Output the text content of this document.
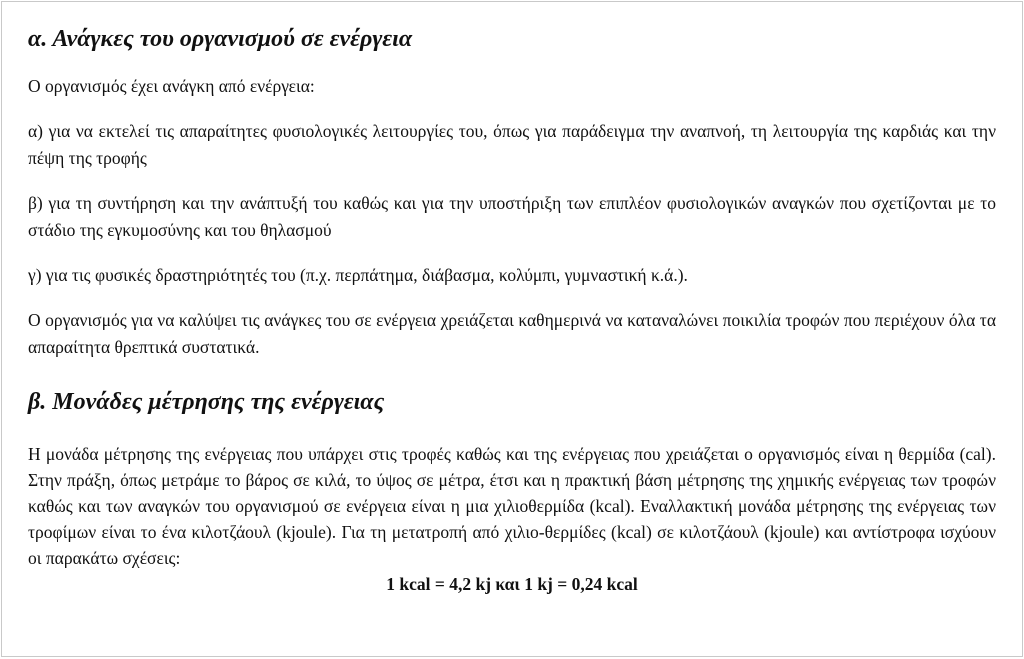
α. Ανάγκες του οργανισμού σε ενέργεια

Ο οργανισμός έχει ανάγκη από ενέργεια:

α) για να εκτελεί τις απαραίτητες φυσιολογικές λειτουργίες του, όπως για παράδειγμα την αναπνοή, τη λειτουργία της καρδιάς και την πέψη της τροφής

β) για τη συντήρηση και την ανάπτυξή του καθώς και για την υποστήριξη των επιπλέον φυσιολογικών αναγκών που σχετίζονται με το στάδιο της εγκυμοσύνης και του θηλασμού

γ) για τις φυσικές δραστηριότητές του (π.χ. περπάτημα, διάβασμα, κολύμπι, γυμναστική κ.ά.).

Ο οργανισμός για να καλύψει τις ανάγκες του σε ενέργεια χρειάζεται καθημερινά να καταναλώνει ποικιλία τροφών που περιέχουν όλα τα απαραίτητα θρεπτικά συστατικά.

β. Μονάδες μέτρησης της ενέργειας

Η μονάδα μέτρησης της ενέργειας που υπάρχει στις τροφές καθώς και της ενέργειας που χρειάζεται ο οργανισμός είναι η θερμίδα (cal). Στην πράξη, όπως μετράμε το βάρος σε κιλά, το ύψος σε μέτρα, έτσι και η πρακτική βάση μέτρησης της χημικής ενέργειας των τροφών καθώς και των αναγκών του οργανισμού σε ενέργεια είναι η μια χιλιοθερμίδα (kcal). Εναλλακτική μονάδα μέτρησης της ενέργειας των τροφίμων είναι το ένα κιλοτζάουλ (kjoule). Για τη μετατροπή από χιλιο-θερμίδες (kcal) σε κιλοτζάουλ (kjoule) και αντίστροφα ισχύουν οι παρακάτω σχέσεις:

1 kcal = 4,2 kj και 1 kj = 0,24 kcal
